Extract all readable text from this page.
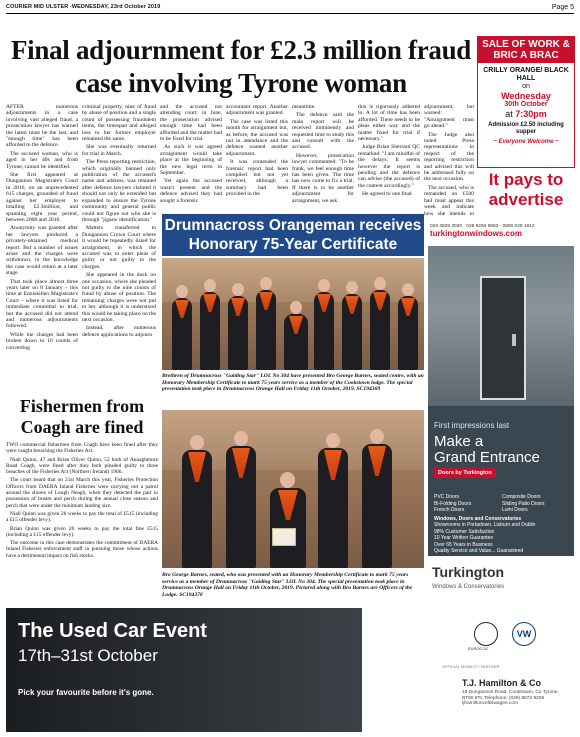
COURIER MID ULSTER -WEDNESDAY, 23rd October 2019	Page 5
Final adjournment for £2.3 million fraud case involving Tyrone woman

AFTER numerous adjournments in a case involving vast alleged fraud, a prosecution lawyer has warned the latest must be the last, and "enough time" has been afforded to the defence.

The accused woman, who is aged in her 40s and from Tyrone, cannot be identified.

She first appeared at Dungannon Magistrate's Court in 2016, on an unprecedented 615 charges, grounded of fraud against her employer to totalling £2.3million, and spanning eight year period, between 2008 and 2016.

Anonymity was granted after her lawyers produced a privately-obtained medical report. But a number of issues arose and the charges were withdrawn, in the knowledge the case would return at a later stage.

That took place almost three years later on 8 January – this time at Enniskillen Magistrate's Court – where it was listed for immediate committal to trial, but the accused did not attend and numerous adjournments followed.

While the charges had been broken down to 16 counts of converting

criminal property, nine of fraud by abuse of position and a single count of possessing fraudulent items, the timespan and alleged loss to her former employer remained the same.

She was eventually returned for trial in March.

The Press reporting restriction, which originally banned only publication of the accused's name and address, was retained after defence lawyers claimed it should not only be extended but expanded to ensure the Tyrone community and general public could not figure out who she is through "jigsaw identification."

Matters transferred to Dungannon Crown Court where it would be repeatedly listed for arraignment, in which the accused was to enter pleas of guilty or not guilty to the charges.

She appeared in the dock on one occasion, where she pleaded not guilty to the nine counts of fraud by abuse of position. The remaining charges were not put to her, although it is understood this would be taking place on the next occasion.

Instead, after numerous defence applications to adjourn

and the accused not attending court, in June, the prosecution advised enough time had been afforded and the matter had to be fixed for trial.

As such it was agreed arraignment would take place at the beginning of the new legal term in September.

Yet again the accused wasn't present and the defence advised they had sought a forensic

accountant report. Another adjournment was granted.

The case was listed this month for arraignment but, as before, the accused was not in attendance and the defence wanted another adjournment.

It was contended the forensic report had been compiled but not yet received, although a summary had been provided in the

meantime.

The defence said the main report will be received imminently and requested time to study this and consult with the accused.

However, prosecution lawyer commented: "To be frank, we feel enough time has been given. The time has now come to fix a trial. If there is to be another adjournment for arraignment, we ask

this is rigorously adhered to. A lot of time has been afforded. There needs to be pleas either way and the matter fixed for trial if necessary."

Judge Brian Sherrard QC remarked: "I am mindful of the delays. It seems however the report is pending and the defence can advise (the accused) of the content accordingly."

He agreed to one final

adjournment, but warned: "Arraignment must go ahead."

The Judge also noted Press representations in respect of the reporting restriction and advised this will be addressed fully on the next occasion.

The accused, who is remanded on £500 bail must appear this week and indicate how she intends to

SALE OF WORK & BRIC A BRAC
CRILLY ORANGE/ BLACK HALL
on
Wednesday
30th October
at 7:30pm
Admission £2.50 including supper
~ Everyone Welcome ~
It pays to advertise
Drumnacross Orangeman receives Honorary 75-Year Certificate
Brethren of Drumnacross "Gaiding Star" LOL No 304 have presented Bro George Barnes, seated centre, with an Honorary Membership Certificate to mark 75 years service as a member of the Cookstown lodge. The special presentation took place in Drumnacross Orange Hall on Friday 11th October, 2019. SC194369
Bro George Barnes, seated, who was presented with an Honorary Membership Certificate to mark 75 years service as a member of Drumnacross "Gaiding Star" LOL No 304. The special presentation took place in Drumnacross Orange Hall on Friday 11th October, 2019. Pictured along with Bro Barnes are Officers of the Lodge. SC194370
Fishermen from Coagh are fined

TWO commercial fishermen from Coagh have been fined after they were caught breaching the Fisheries Act.

Niall Quinn, 47 and Brian Oliver Quinn, 52 both of Annaghmore Road Coagh, were fined after they both pleaded guilty to three breaches of the Fisheries Act (Northern Ireland) 1966.

The court heard that on 21st March this year, Fisheries Protection Officers from DAERA Inland Fisheries were carrying out a patrol around the shores of Lough Neagh, when they detected the pair in possession of bream and perch during the annual close season and perch that were under the minimum landing size.

Niall Quinn was given 26 weeks to pay the total of £515 (including a £15 offender levy).

Brian Quinn was given 26 weeks to pay the total fine £515 (including a £15 offender levy).

The outcome in this case demonstrates the commitment of DAERA Inland Fisheries enforcement staff in pursuing those whose actions have a detrimental impact on fish stocks.

028 3839 3030 · 028 9266 8883 · 0800 028 1812
turkingtonwindows.com
First impressions last
Make a
Grand Entrance
Doors by Turkington
PVC Doors
Bi-Folding Doors
French Doors
Composite Doors
Sliding Patio Doors
Lumi Doors
Windows, Doors and Conservatories
Showrooms in Portadown, Lisburn and Dublin
98% Customer Satisfaction
10 Year Written Guarantee
Over 65 Years in Business
Quality Service and Value... Guaranteed
Turkington
Windows & Conservatories
The Used Car Event
17th–31st October
Pick your favourite before it's gone.
EUROCOC
VW
OFFICIAL MOBILITY PARTNER
T.J. Hamilton & Co
18 Dungannon Road, Cookstown, Co Tyrone, BT80 8TL Telephone: (028) 8672 9206 tjhamiltonvolkswagen.com
